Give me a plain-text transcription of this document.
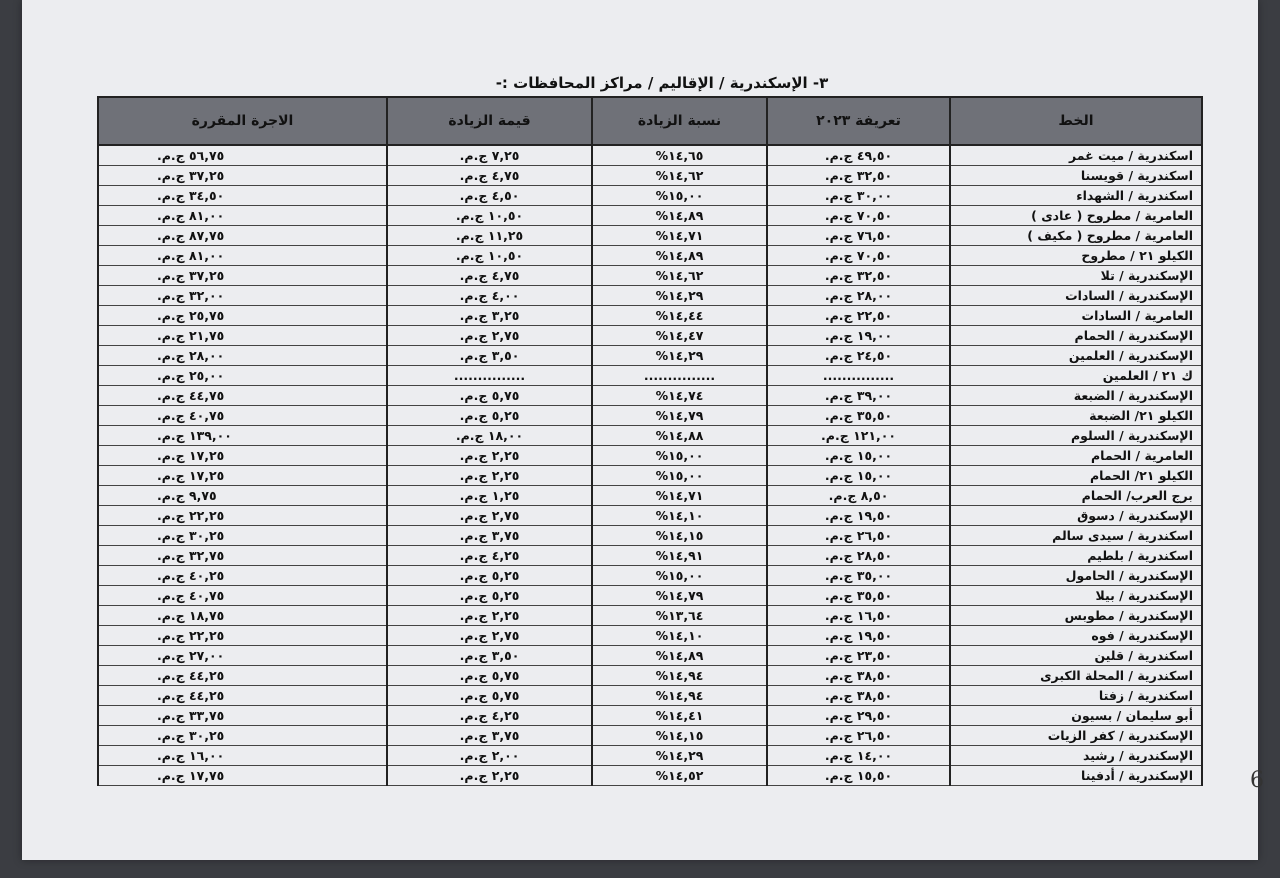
٣- الإسكندرية / الإقاليم / مراكز المحافظات :-
6
الخط	تعريفة ٢٠٢٣	نسبة الزيادة	قيمة الزيادة	الاجرة المقررة
اسكندرية / ميت غمر	٤٩,٥٠ ج.م.	١٤,٦٥%	٧,٢٥ ج.م.	٥٦,٧٥ ج.م.
اسكندرية / قويسنا	٣٢,٥٠ ج.م.	١٤,٦٢%	٤,٧٥ ج.م.	٣٧,٢٥ ج.م.
اسكندرية / الشهداء	٣٠,٠٠ ج.م.	١٥,٠٠%	٤,٥٠ ج.م.	٣٤,٥٠ ج.م.
العامرية / مطروح ( عادى )	٧٠,٥٠ ج.م.	١٤,٨٩%	١٠,٥٠ ج.م.	٨١,٠٠ ج.م.
العامرية / مطروح ( مكيف )	٧٦,٥٠ ج.م.	١٤,٧١%	١١,٢٥ ج.م.	٨٧,٧٥ ج.م.
الكيلو ٢١ / مطروح	٧٠,٥٠ ج.م.	١٤,٨٩%	١٠,٥٠ ج.م.	٨١,٠٠ ج.م.
الإسكندرية / تلا	٣٢,٥٠ ج.م.	١٤,٦٢%	٤,٧٥ ج.م.	٣٧,٢٥ ج.م.
الإسكندرية / السادات	٢٨,٠٠ ج.م.	١٤,٢٩%	٤,٠٠ ج.م.	٣٢,٠٠ ج.م.
العامرية / السادات	٢٢,٥٠ ج.م.	١٤,٤٤%	٣,٢٥ ج.م.	٢٥,٧٥ ج.م.
الإسكندرية / الحمام	١٩,٠٠ ج.م.	١٤,٤٧%	٢,٧٥ ج.م.	٢١,٧٥ ج.م.
الإسكندرية / العلمين	٢٤,٥٠ ج.م.	١٤,٢٩%	٣,٥٠ ج.م.	٢٨,٠٠ ج.م.
ك ٢١ / العلمين	...............	...............	...............	٢٥,٠٠ ج.م.
الإسكندرية / الضبعة	٣٩,٠٠ ج.م.	١٤,٧٤%	٥,٧٥ ج.م.	٤٤,٧٥ ج.م.
الكيلو ٢١/ الضبعة	٣٥,٥٠ ج.م.	١٤,٧٩%	٥,٢٥ ج.م.	٤٠,٧٥ ج.م.
الإسكندرية / السلوم	١٢١,٠٠ ج.م.	١٤,٨٨%	١٨,٠٠ ج.م.	١٣٩,٠٠ ج.م.
العامرية / الحمام	١٥,٠٠ ج.م.	١٥,٠٠%	٢,٢٥ ج.م.	١٧,٢٥ ج.م.
الكيلو ٢١/ الحمام	١٥,٠٠ ج.م.	١٥,٠٠%	٢,٢٥ ج.م.	١٧,٢٥ ج.م.
برج العرب/ الحمام	٨,٥٠ ج.م.	١٤,٧١%	١,٢٥ ج.م.	٩,٧٥ ج.م.
الإسكندرية / دسوق	١٩,٥٠ ج.م.	١٤,١٠%	٢,٧٥ ج.م.	٢٢,٢٥ ج.م.
اسكندرية / سيدى سالم	٢٦,٥٠ ج.م.	١٤,١٥%	٣,٧٥ ج.م.	٣٠,٢٥ ج.م.
اسكندرية / بلطيم	٢٨,٥٠ ج.م.	١٤,٩١%	٤,٢٥ ج.م.	٣٢,٧٥ ج.م.
الإسكندرية / الحامول	٣٥,٠٠ ج.م.	١٥,٠٠%	٥,٢٥ ج.م.	٤٠,٢٥ ج.م.
الإسكندرية / بيلا	٣٥,٥٠ ج.م.	١٤,٧٩%	٥,٢٥ ج.م.	٤٠,٧٥ ج.م.
الإسكندرية / مطوبس	١٦,٥٠ ج.م.	١٣,٦٤%	٢,٢٥ ج.م.	١٨,٧٥ ج.م.
الإسكندرية / فوه	١٩,٥٠ ج.م.	١٤,١٠%	٢,٧٥ ج.م.	٢٢,٢٥ ج.م.
اسكندرية / قلين	٢٣,٥٠ ج.م.	١٤,٨٩%	٣,٥٠ ج.م.	٢٧,٠٠ ج.م.
اسكندرية / المحلة الكبرى	٣٨,٥٠ ج.م.	١٤,٩٤%	٥,٧٥ ج.م.	٤٤,٢٥ ج.م.
اسكندرية / زفتا	٣٨,٥٠ ج.م.	١٤,٩٤%	٥,٧٥ ج.م.	٤٤,٢٥ ج.م.
أبو سليمان / بسيون	٢٩,٥٠ ج.م.	١٤,٤١%	٤,٢٥ ج.م.	٣٣,٧٥ ج.م.
الإسكندرية / كفر الزيات	٢٦,٥٠ ج.م.	١٤,١٥%	٣,٧٥ ج.م.	٣٠,٢٥ ج.م.
الإسكندرية / رشيد	١٤,٠٠ ج.م.	١٤,٢٩%	٢,٠٠ ج.م.	١٦,٠٠ ج.م.
الإسكندرية / أدفينا	١٥,٥٠ ج.م.	١٤,٥٢%	٢,٢٥ ج.م.	١٧,٧٥ ج.م.
